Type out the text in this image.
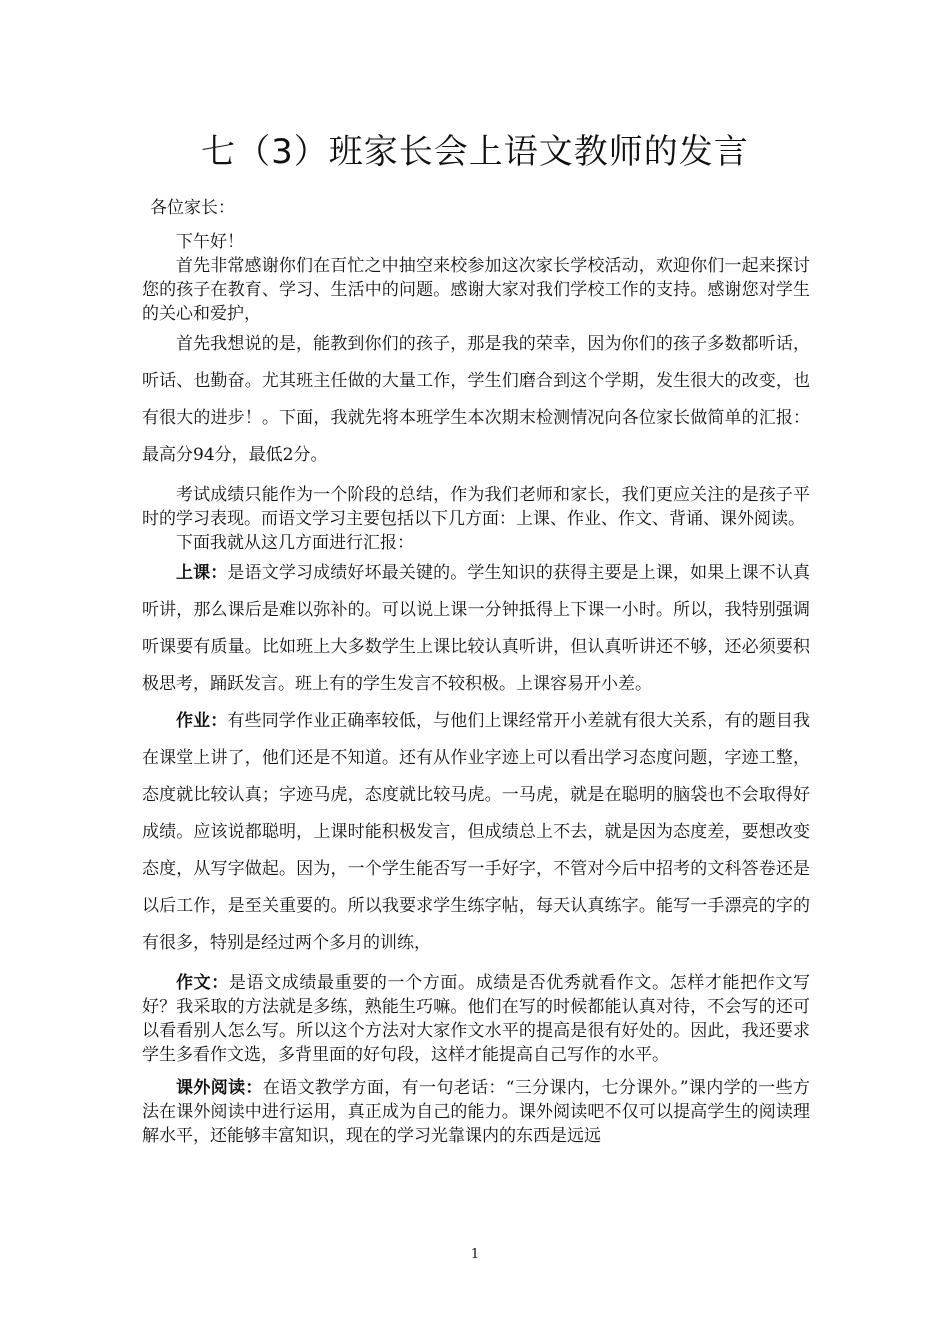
七（3）班家长会上语文教师的发言

各位家长：

下午好！

首先非常感谢你们在百忙之中抽空来校参加这次家长学校活动，欢迎你们一起来探讨您的孩子在教育、学习、生活中的问题。感谢大家对我们学校工作的支持。感谢您对学生的关心和爱护，

首先我想说的是，能教到你们的孩子，那是我的荣幸，因为你们的孩子多数都听话，听话、也勤奋。尤其班主任做的大量工作，学生们磨合到这个学期，发生很大的改变，也有很大的进步！。下面，我就先将本班学生本次期末检测情况向各位家长做简单的汇报：最高分94分，最低2分。

考试成绩只能作为一个阶段的总结，作为我们老师和家长，我们更应关注的是孩子平时的学习表现。而语文学习主要包括以下几方面：上课、作业、作文、背诵、课外阅读。

下面我就从这几方面进行汇报：

上课：是语文学习成绩好坏最关键的。学生知识的获得主要是上课，如果上课不认真听讲，那么课后是难以弥补的。可以说上课一分钟抵得上下课一小时。所以，我特别强调听课要有质量。比如班上大多数学生上课比较认真听讲，但认真听讲还不够，还必须要积极思考，踊跃发言。班上有的学生发言不较积极。上课容易开小差。

作业：有些同学作业正确率较低，与他们上课经常开小差就有很大关系，有的题目我在课堂上讲了，他们还是不知道。还有从作业字迹上可以看出学习态度问题，字迹工整，态度就比较认真；字迹马虎，态度就比较马虎。一马虎，就是在聪明的脑袋也不会取得好成绩。应该说都聪明，上课时能积极发言，但成绩总上不去，就是因为态度差，要想改变态度，从写字做起。因为，一个学生能否写一手好字，不管对今后中招考的文科答卷还是以后工作，是至关重要的。所以我要求学生练字帖，每天认真练字。能写一手漂亮的字的有很多，特别是经过两个多月的训练，

作文：是语文成绩最重要的一个方面。成绩是否优秀就看作文。怎样才能把作文写好？我采取的方法就是多练，熟能生巧嘛。他们在写的时候都能认真对待，不会写的还可以看看别人怎么写。所以这个方法对大家作文水平的提高是很有好处的。因此，我还要求学生多看作文选，多背里面的好句段，这样才能提高自己写作的水平。

课外阅读：在语文教学方面，有一句老话：“三分课内，七分课外。”课内学的一些方法在课外阅读中进行运用，真正成为自己的能力。课外阅读吧不仅可以提高学生的阅读理解水平，还能够丰富知识，现在的学习光靠课内的东西是远远

1
